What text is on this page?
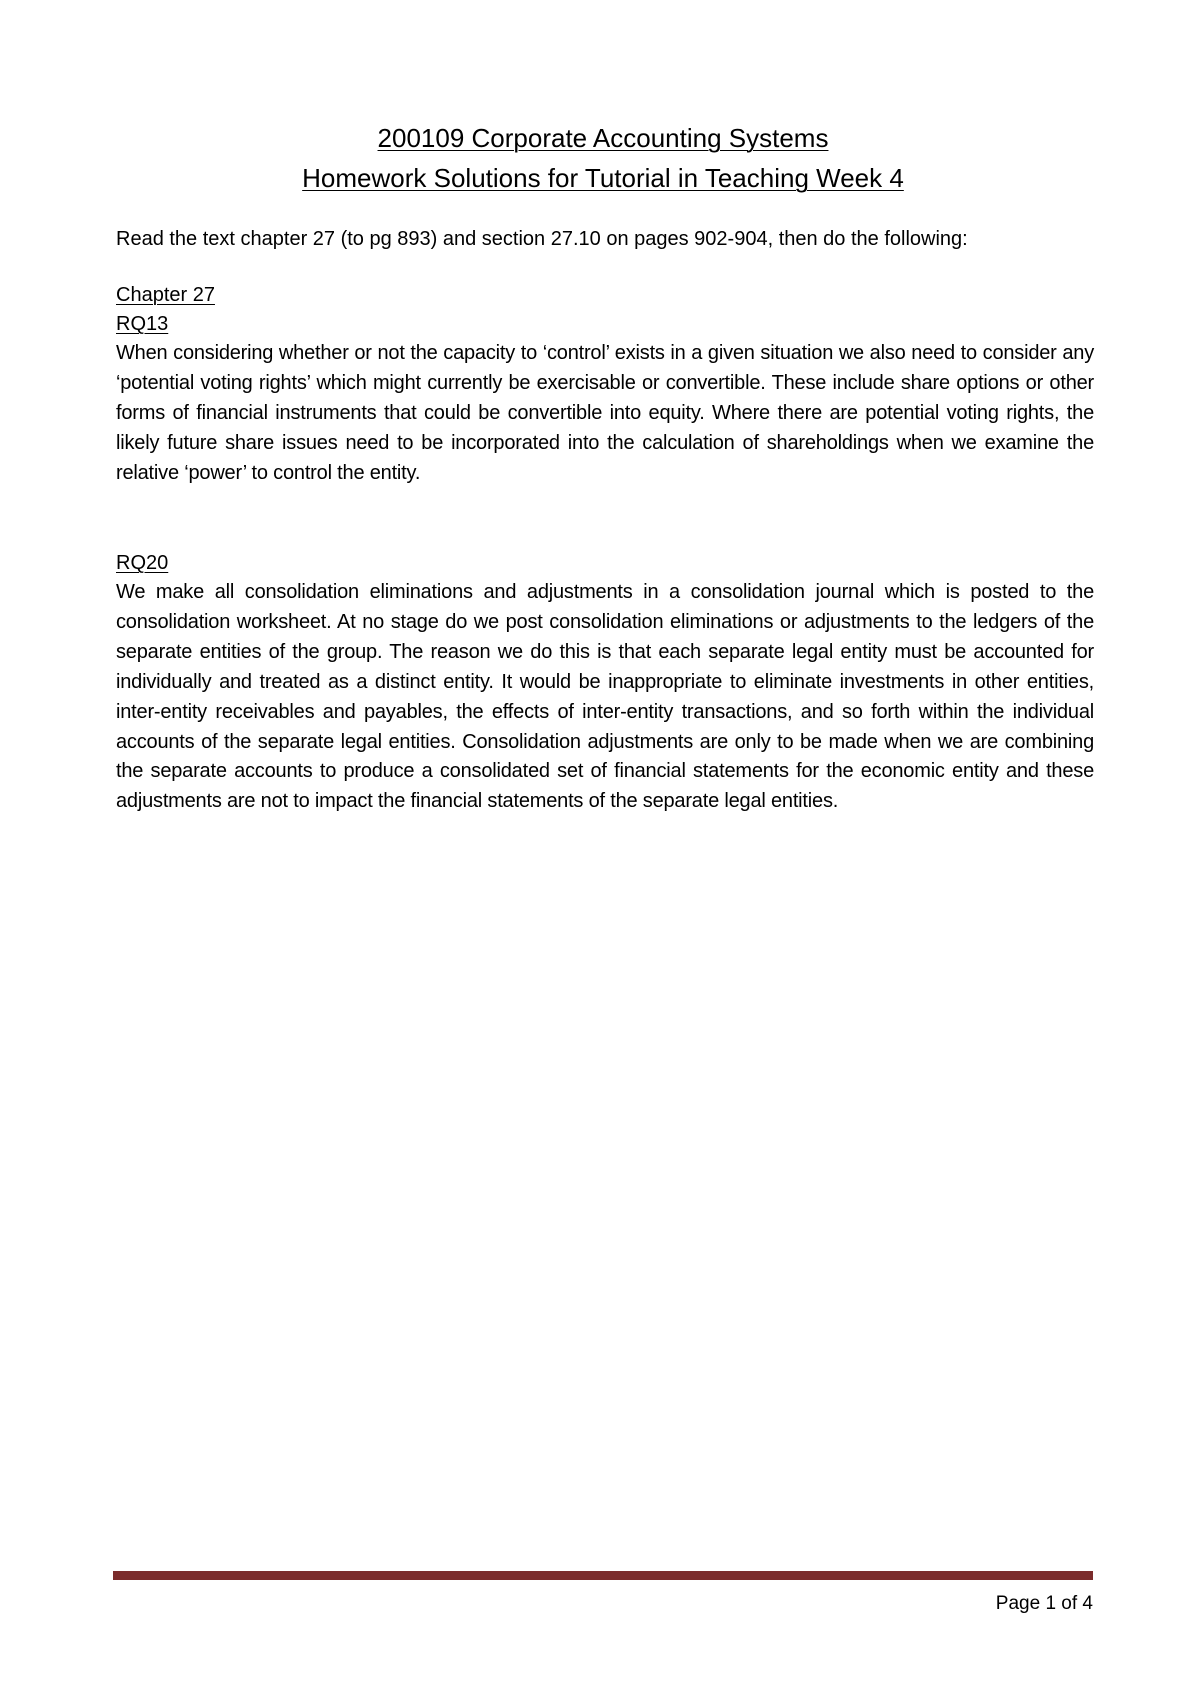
200109 Corporate Accounting Systems
Homework Solutions for Tutorial in Teaching Week 4
Read the text chapter 27 (to pg 893) and section 27.10 on pages 902-904, then do the following:
Chapter 27
RQ13
When considering whether or not the capacity to ‘control’ exists in a given situation we also need to consider any ‘potential voting rights’ which might currently be exercisable or convertible. These include share options or other forms of financial instruments that could be convertible into equity. Where there are potential voting rights, the likely future share issues need to be incorporated into the calculation of shareholdings when we examine the relative ‘power’ to control the entity.
RQ20
We make all consolidation eliminations and adjustments in a consolidation journal which is posted to the consolidation worksheet. At no stage do we post consolidation eliminations or adjustments to the ledgers of the separate entities of the group. The reason we do this is that each separate legal entity must be accounted for individually and treated as a distinct entity. It would be inappropriate to eliminate investments in other entities, inter-entity receivables and payables, the effects of inter-entity transactions, and so forth within the individual accounts of the separate legal entities. Consolidation adjustments are only to be made when we are combining the separate accounts to produce a consolidated set of financial statements for the economic entity and these adjustments are not to impact the financial statements of the separate legal entities.
Page 1 of 4
